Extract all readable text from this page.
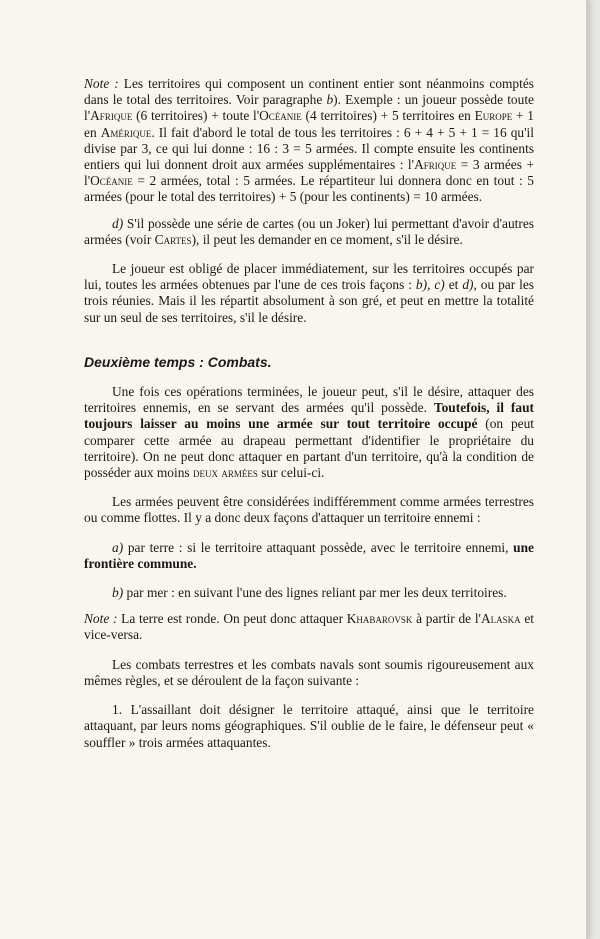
Note : Les territoires qui composent un continent entier sont néanmoins comptés dans le total des territoires. Voir paragraphe b). Exemple : un joueur possède toute l'Afrique (6 territoires) + toute l'Océanie (4 territoires) + 5 territoires en Europe + 1 en Amérique. Il fait d'abord le total de tous les territoires : 6 + 4 + 5 + 1 = 16 qu'il divise par 3, ce qui lui donne : 16 : 3 = 5 armées. Il compte ensuite les continents entiers qui lui donnent droit aux armées supplémentaires : l'Afrique = 3 armées + l'Océanie = 2 armées, total : 5 armées. Le répartiteur lui donnera donc en tout : 5 armées (pour le total des territoires) + 5 (pour les continents) = 10 armées.

d) S'il possède une série de cartes (ou un Joker) lui permettant d'avoir d'autres armées (voir Cartes), il peut les demander en ce moment, s'il le désire.

Le joueur est obligé de placer immédiatement, sur les territoires occupés par lui, toutes les armées obtenues par l'une de ces trois façons : b), c) et d), ou par les trois réunies. Mais il les répartit absolument à son gré, et peut en mettre la totalité sur un seul de ses territoires, s'il le désire.

Deuxième temps : Combats.

Une fois ces opérations terminées, le joueur peut, s'il le désire, attaquer des territoires ennemis, en se servant des armées qu'il possède. Toutefois, il faut toujours laisser au moins une armée sur tout territoire occupé (on peut comparer cette armée au drapeau permettant d'identifier le propriétaire du territoire). On ne peut donc attaquer en partant d'un territoire, qu'à la condition de posséder aux moins deux armées sur celui-ci.

Les armées peuvent être considérées indifféremment comme armées terrestres ou comme flottes. Il y a donc deux façons d'attaquer un territoire ennemi :

a) par terre : si le territoire attaquant possède, avec le territoire ennemi, une frontière commune.

b) par mer : en suivant l'une des lignes reliant par mer les deux territoires.

Note : La terre est ronde. On peut donc attaquer Khabarovsk à partir de l'Alaska et vice-versa.

Les combats terrestres et les combats navals sont soumis rigoureusement aux mêmes règles, et se déroulent de la façon suivante :

1. L'assaillant doit désigner le territoire attaqué, ainsi que le territoire attaquant, par leurs noms géographiques. S'il oublie de le faire, le défenseur peut « souffler » trois armées attaquantes.
